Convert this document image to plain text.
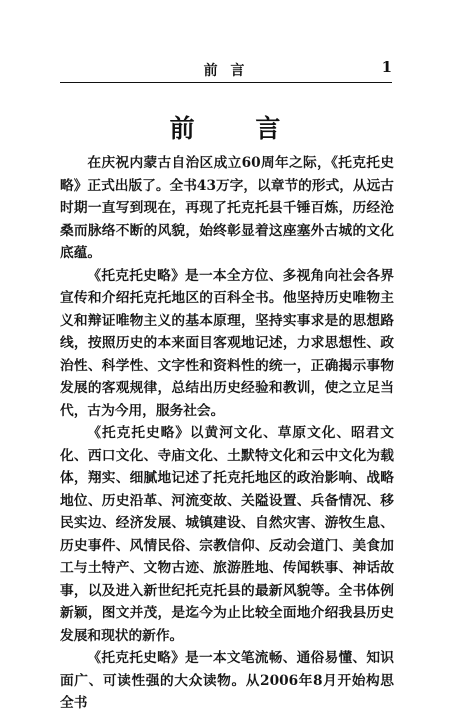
前 言	1
前 言

在庆祝内蒙古自治区成立60周年之际，《托克托史略》正式出版了。全书43万字，以章节的形式，从远古时期一直写到现在，再现了托克托县千锤百炼，历经沧桑而脉络不断的风貌，始终彰显着这座塞外古城的文化底蕴。

《托克托史略》是一本全方位、多视角向社会各界宣传和介绍托克托地区的百科全书。他坚持历史唯物主义和辩证唯物主义的基本原理，坚持实事求是的思想路线，按照历史的本来面目客观地记述，力求思想性、政治性、科学性、文字性和资料性的统一，正确揭示事物发展的客观规律，总结出历史经验和教训，使之立足当代，古为今用，服务社会。

《托克托史略》以黄河文化、草原文化、昭君文化、西口文化、寺庙文化、土默特文化和云中文化为载体，翔实、细腻地记述了托克托地区的政治影响、战略地位、历史沿革、河流变故、关隘设置、兵备情况、移民实边、经济发展、城镇建设、自然灾害、游牧生息、历史事件、风情民俗、宗教信仰、反动会道门、美食加工与土特产、文物古迹、旅游胜地、传闻轶事、神话故事，以及进入新世纪托克托县的最新风貌等。全书体例新颖，图文并茂，是迄今为止比较全面地介绍我县历史发展和现状的新作。

《托克托史略》是一本文笔流畅、通俗易懂、知识面广、可读性强的大众读物。从2006年8月开始构思全书
